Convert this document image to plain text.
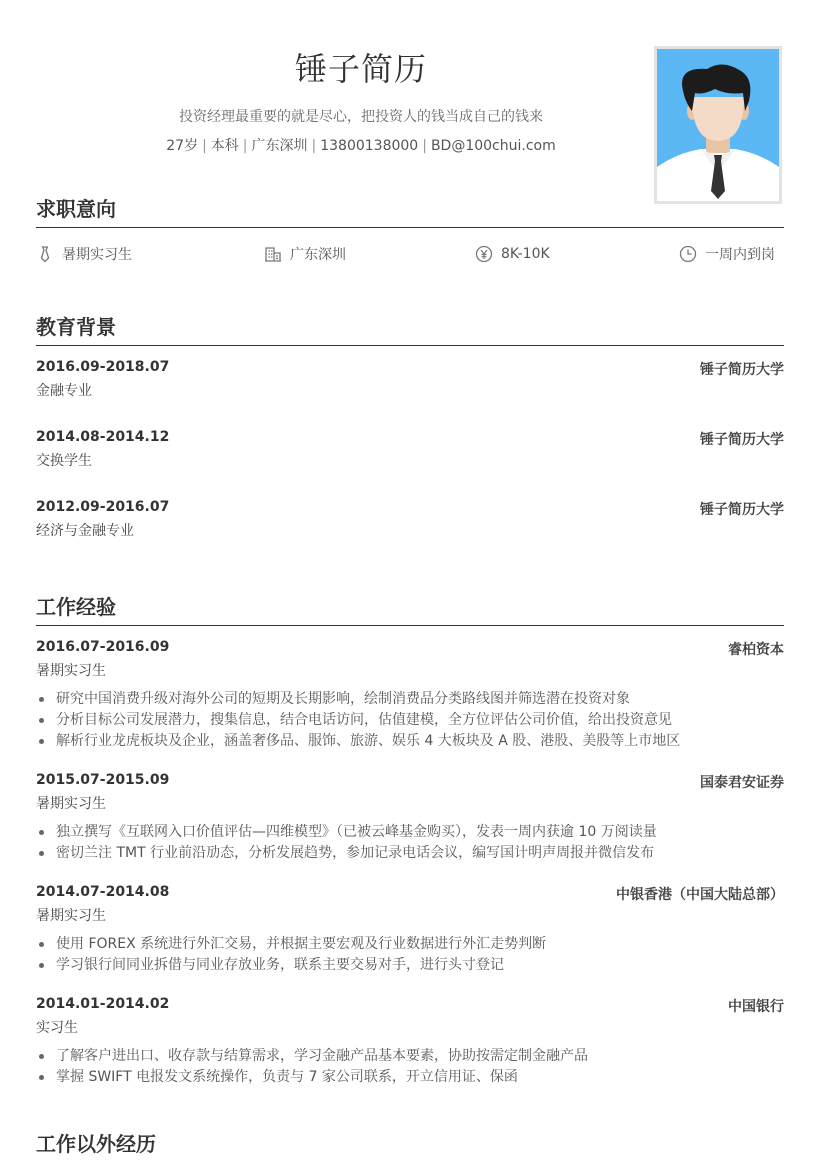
锤子简历
投资经理最重要的就是尽心，把投资人的钱当成自己的钱来
27岁 | 本科 | 广东深圳 | 13800138000 | BD@100chui.com
求职意向
暑期实习生	广东深圳	8K-10K	一周内到岗
教育背景
2016.09-2018.07	锤子简历大学
金融专业
2014.08-2014.12	锤子简历大学
交换学生
2012.09-2016.07	锤子简历大学
经济与金融专业
工作经验
2016.07-2016.09	睿柏资本
暑期实习生
研究中国消费升级对海外公司的短期及长期影响，绘制消费品分类路线图并筛选潜在投资对象
分析目标公司发展潜力，搜集信息，结合电话访问，估值建模，全方位评估公司价值，给出投资意见
解析行业龙虎板块及企业，涵盖奢侈品、服饰、旅游、娱乐 4 大板块及 A 股、港股、美股等上市地区
2015.07-2015.09	国泰君安证券
暑期实习生
独立撰写《互联网入口价值评估—四维模型》（已被云峰基金购买），发表一周内获逾 10 万阅读量
密切兰注 TMT 行业前沿劢态，分析发展趋势，参加记录电话会议，编写国计明声周报并微信发布
2014.07-2014.08	中银香港（中国大陆总部）
暑期实习生
使用 FOREX 系统进行外汇交易，并根据主要宏观及行业数据进行外汇走势判断
学习银行间同业拆借与同业存放业务，联系主要交易对手，进行头寸登记
2014.01-2014.02	中国银行
实习生
了解客户进出口、收存款与结算需求，学习金融产品基本要素，协助按需定制金融产品
掌握 SWIFT 电报发文系统操作，负责与 7 家公司联系，开立信用证、保函
工作以外经历
